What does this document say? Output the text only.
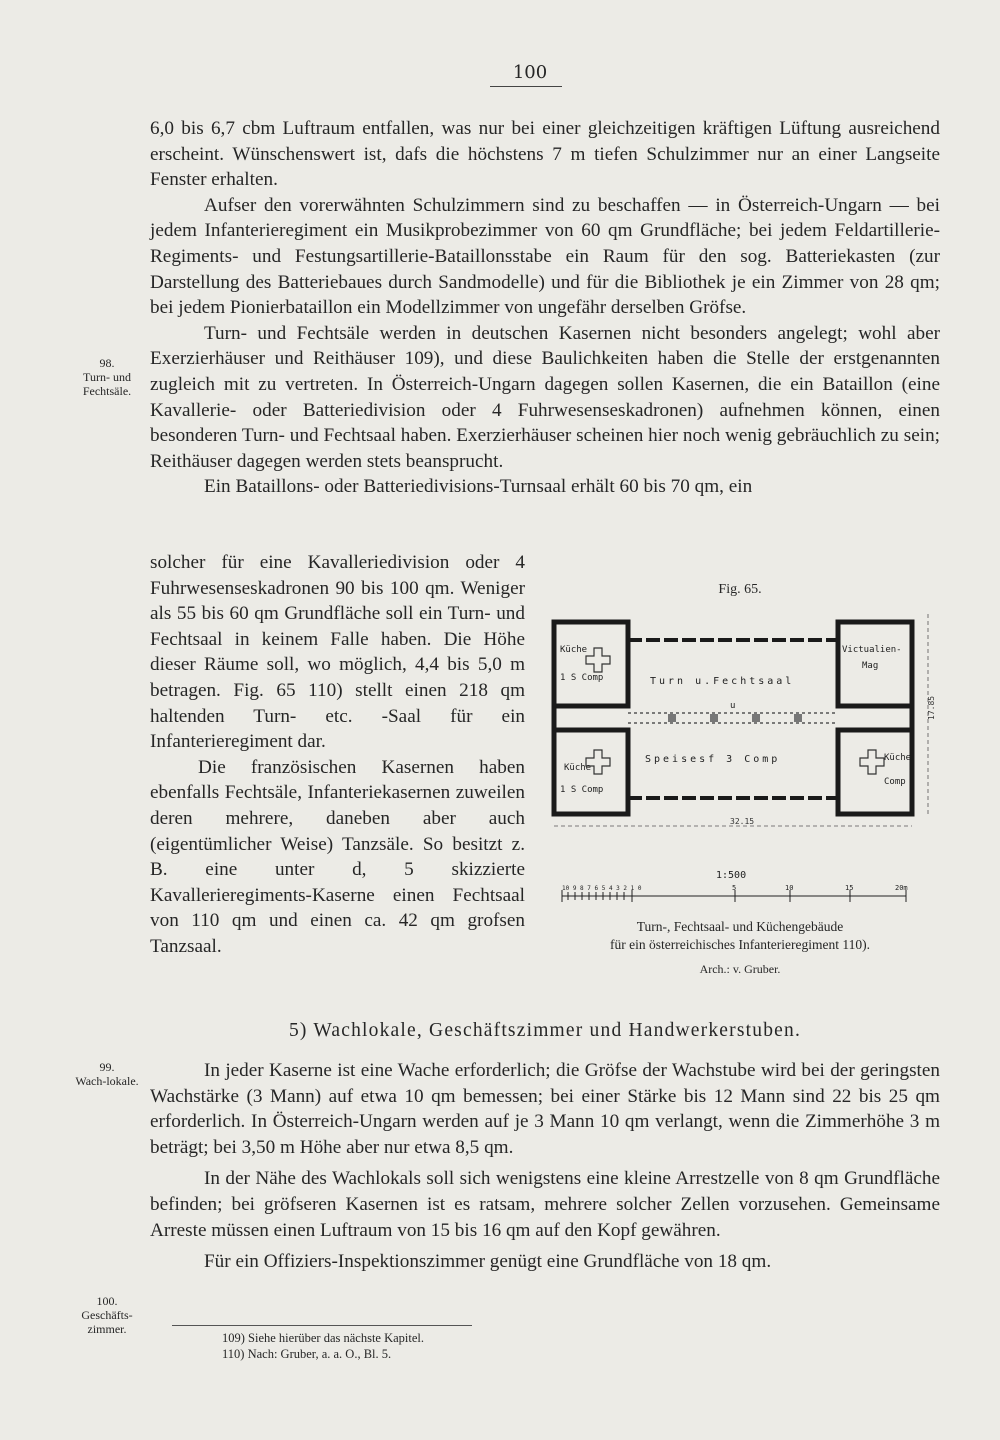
100

6,0 bis 6,7 cbm Luftraum entfallen, was nur bei einer gleichzeitigen kräftigen Lüftung ausreichend erscheint. Wünschenswert ist, dafs die höchstens 7 m tiefen Schulzimmer nur an einer Langseite Fenster erhalten.

Aufser den vorerwähnten Schulzimmern sind zu beschaffen — in Österreich-Ungarn — bei jedem Infanterieregiment ein Musikprobezimmer von 60 qm Grundfläche; bei jedem Feldartillerie-Regiments- und Festungsartillerie-Bataillonsstabe ein Raum für den sog. Batteriekasten (zur Darstellung des Batteriebaues durch Sandmodelle) und für die Bibliothek je ein Zimmer von 28 qm; bei jedem Pionierbataillon ein Modellzimmer von ungefähr derselben Gröfse.

Turn- und Fechtsäle werden in deutschen Kasernen nicht besonders angelegt; wohl aber Exerzierhäuser und Reithäuser 109), und diese Baulichkeiten haben die Stelle der erstgenannten zugleich mit zu vertreten. In Österreich-Ungarn dagegen sollen Kasernen, die ein Bataillon (eine Kavallerie- oder Batteriedivision oder 4 Fuhrwesenseskadronen) aufnehmen können, einen besonderen Turn- und Fechtsaal haben. Exerzierhäuser scheinen hier noch wenig gebräuchlich zu sein; Reithäuser dagegen werden stets beansprucht.

Ein Bataillons- oder Batteriedivisions-Turnsaal erhält 60 bis 70 qm, ein

98.
Turn- und Fechtsäle.
99.
Wach-lokale.
100.
Geschäfts-zimmer.

solcher für eine Kavalleriedivision oder 4 Fuhrwesenseskadronen 90 bis 100 qm. Weniger als 55 bis 60 qm Grundfläche soll ein Turn- und Fechtsaal in keinem Falle haben. Die Höhe dieser Räume soll, wo möglich, 4,4 bis 5,0 m betragen. Fig. 65 110) stellt einen 218 qm haltenden Turn- etc. -Saal für ein Infanterieregiment dar.

Die französischen Kasernen haben ebenfalls Fechtsäle, Infanteriekasernen zuweilen deren mehrere, daneben aber auch (eigentümlicher Weise) Tanzsäle. So besitzt z. B. eine unter d, 5 skizzierte Kavallerieregiments-Kaserne einen Fechtsaal von 110 qm und einen ca. 42 qm grofsen Tanzsaal.

Fig. 65.
Küche
1 S Comp	Turn u.Fechtsaal
u
Speisesf 3 Comp
Küche
1 S Comp
Victualien-
Mag
Küche
Comp
32.15
17.85
1:500
10 9 8 7 6 5 4 3 2 1 0	5	10	15	20m
Turn-, Fechtsaal- und Küchengebäude
für ein österreichisches Infanterieregiment 110).
Arch.: v. Gruber.
5) Wachlokale, Geschäftszimmer und Handwerkerstuben.

In jeder Kaserne ist eine Wache erforderlich; die Gröfse der Wachstube wird bei der geringsten Wachstärke (3 Mann) auf etwa 10 qm bemessen; bei einer Stärke bis 12 Mann sind 22 bis 25 qm erforderlich. In Österreich-Ungarn werden auf je 3 Mann 10 qm verlangt, wenn die Zimmerhöhe 3 m beträgt; bei 3,50 m Höhe aber nur etwa 8,5 qm.

In der Nähe des Wachlokals soll sich wenigstens eine kleine Arrestzelle von 8 qm Grundfläche befinden; bei gröfseren Kasernen ist es ratsam, mehrere solcher Zellen vorzusehen. Gemeinsame Arreste müssen einen Luftraum von 15 bis 16 qm auf den Kopf gewähren.

Für ein Offiziers-Inspektionszimmer genügt eine Grundfläche von 18 qm.

109) Siehe hierüber das nächste Kapitel.
110) Nach: Gruber, a. a. O., Bl. 5.
